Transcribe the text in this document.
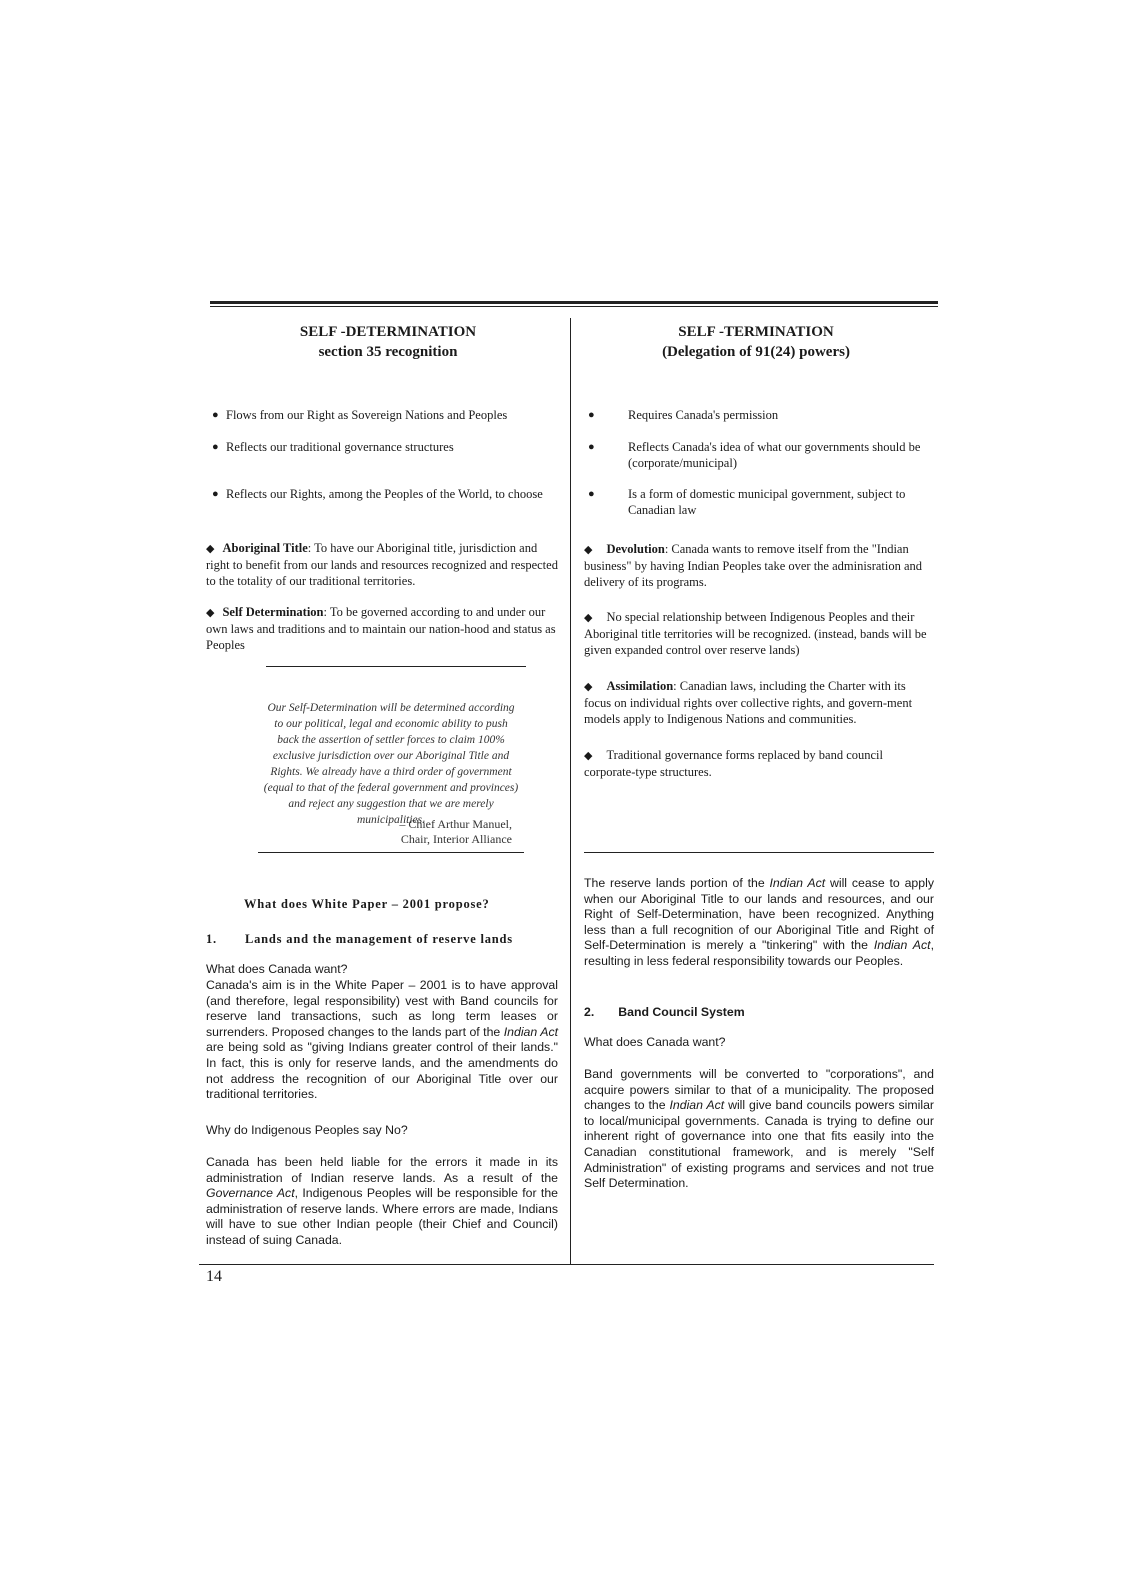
14
SELF -DETERMINATION
section 35 recognition
● Flows from our Right as Sovereign Nations and Peoples
● Reflects our traditional governance structures
● Reflects our Rights, among the Peoples of the World, to choose
◆ Aboriginal Title: To have our Aboriginal title, jurisdiction and right to benefit from our lands and resources recognized and respected to the totality of our traditional territories.
◆ Self Determination: To be governed according to and under our own laws and traditions and to maintain our nation-hood and status as Peoples
Our Self-Determination will be determined according to our political, legal and economic ability to push back the assertion of settler forces to claim 100% exclusive jurisdiction over our Aboriginal Title and Rights. We already have a third order of government (equal to that of the federal government and provinces) and reject any suggestion that we are merely municipalities.
– Chief Arthur Manuel,
Chair, Interior Alliance
What does White Paper – 2001 propose?
1. Lands and the management of reserve lands
What does Canada want?
Canada's aim is in the White Paper – 2001 is to have approval (and therefore, legal responsibility) vest with Band councils for reserve land transactions, such as long term leases or surrenders. Proposed changes to the lands part of the Indian Act are being sold as "giving Indians greater control of their lands." In fact, this is only for reserve lands, and the amendments do not address the recognition of our Aboriginal Title over our traditional territories.
Why do Indigenous Peoples say No?
Canada has been held liable for the errors it made in its administration of Indian reserve lands. As a result of the Governance Act, Indigenous Peoples will be responsible for the administration of reserve lands. Where errors are made, Indians will have to sue other Indian people (their Chief and Council) instead of suing Canada.
SELF -TERMINATION
(Delegation of 91(24) powers)
●	Requires Canada's permission
●	Reflects Canada's idea of what our governments should be (corporate/municipal)
●	Is a form of domestic municipal government, subject to Canadian law
◆ Devolution: Canada wants to remove itself from the "Indian business" by having Indian Peoples take over the adminisration and delivery of its programs.
◆ No special relationship between Indigenous Peoples and their Aboriginal title territories will be recognized. (instead, bands will be given expanded control over reserve lands)
◆ Assimilation: Canadian laws, including the Charter with its focus on individual rights over collective rights, and govern-ment models apply to Indigenous Nations and communities.
◆ Traditional governance forms replaced by band council corporate-type structures.
The reserve lands portion of the Indian Act will cease to apply when our Aboriginal Title to our lands and resources, and our Right of Self-Determination, have been recognized. Anything less than a full recognition of our Aboriginal Title and Right of Self-Determination is merely a "tinkering" with the Indian Act, resulting in less federal responsibility towards our Peoples.
2. Band Council System
What does Canada want?
Band governments will be converted to "corporations", and acquire powers similar to that of a municipality. The proposed changes to the Indian Act will give band councils powers similar to local/municipal governments. Canada is trying to define our inherent right of governance into one that fits easily into the Canadian constitutional framework, and is merely "Self Administration" of existing programs and services and not true Self Determination.
